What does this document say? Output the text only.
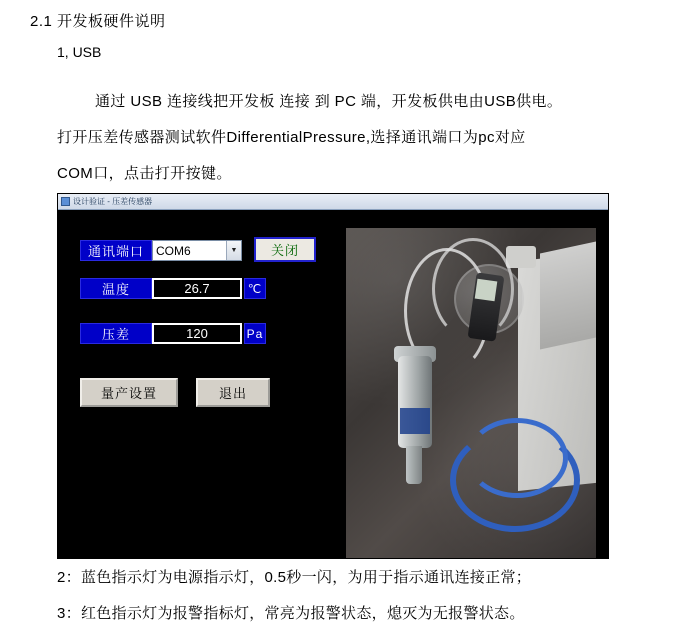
2.1 开发板硬件说明
1, USB
通过 USB 连接线把开发板 连接 到 PC 端，开发板供电由USB供电。
打开压差传感器测试软件DifferentialPressure,选择通讯端口为pc对应
COM口，点击打开按键。
设计验证 - 压差传感器
通讯端口	COM6	▼	关闭
温度	26.7	℃
压差	120	Pa
量产设置	退出
2：蓝色指示灯为电源指示灯，0.5秒一闪，为用于指示通讯连接正常；
3：红色指示灯为报警指标灯，常亮为报警状态，熄灭为无报警状态。
